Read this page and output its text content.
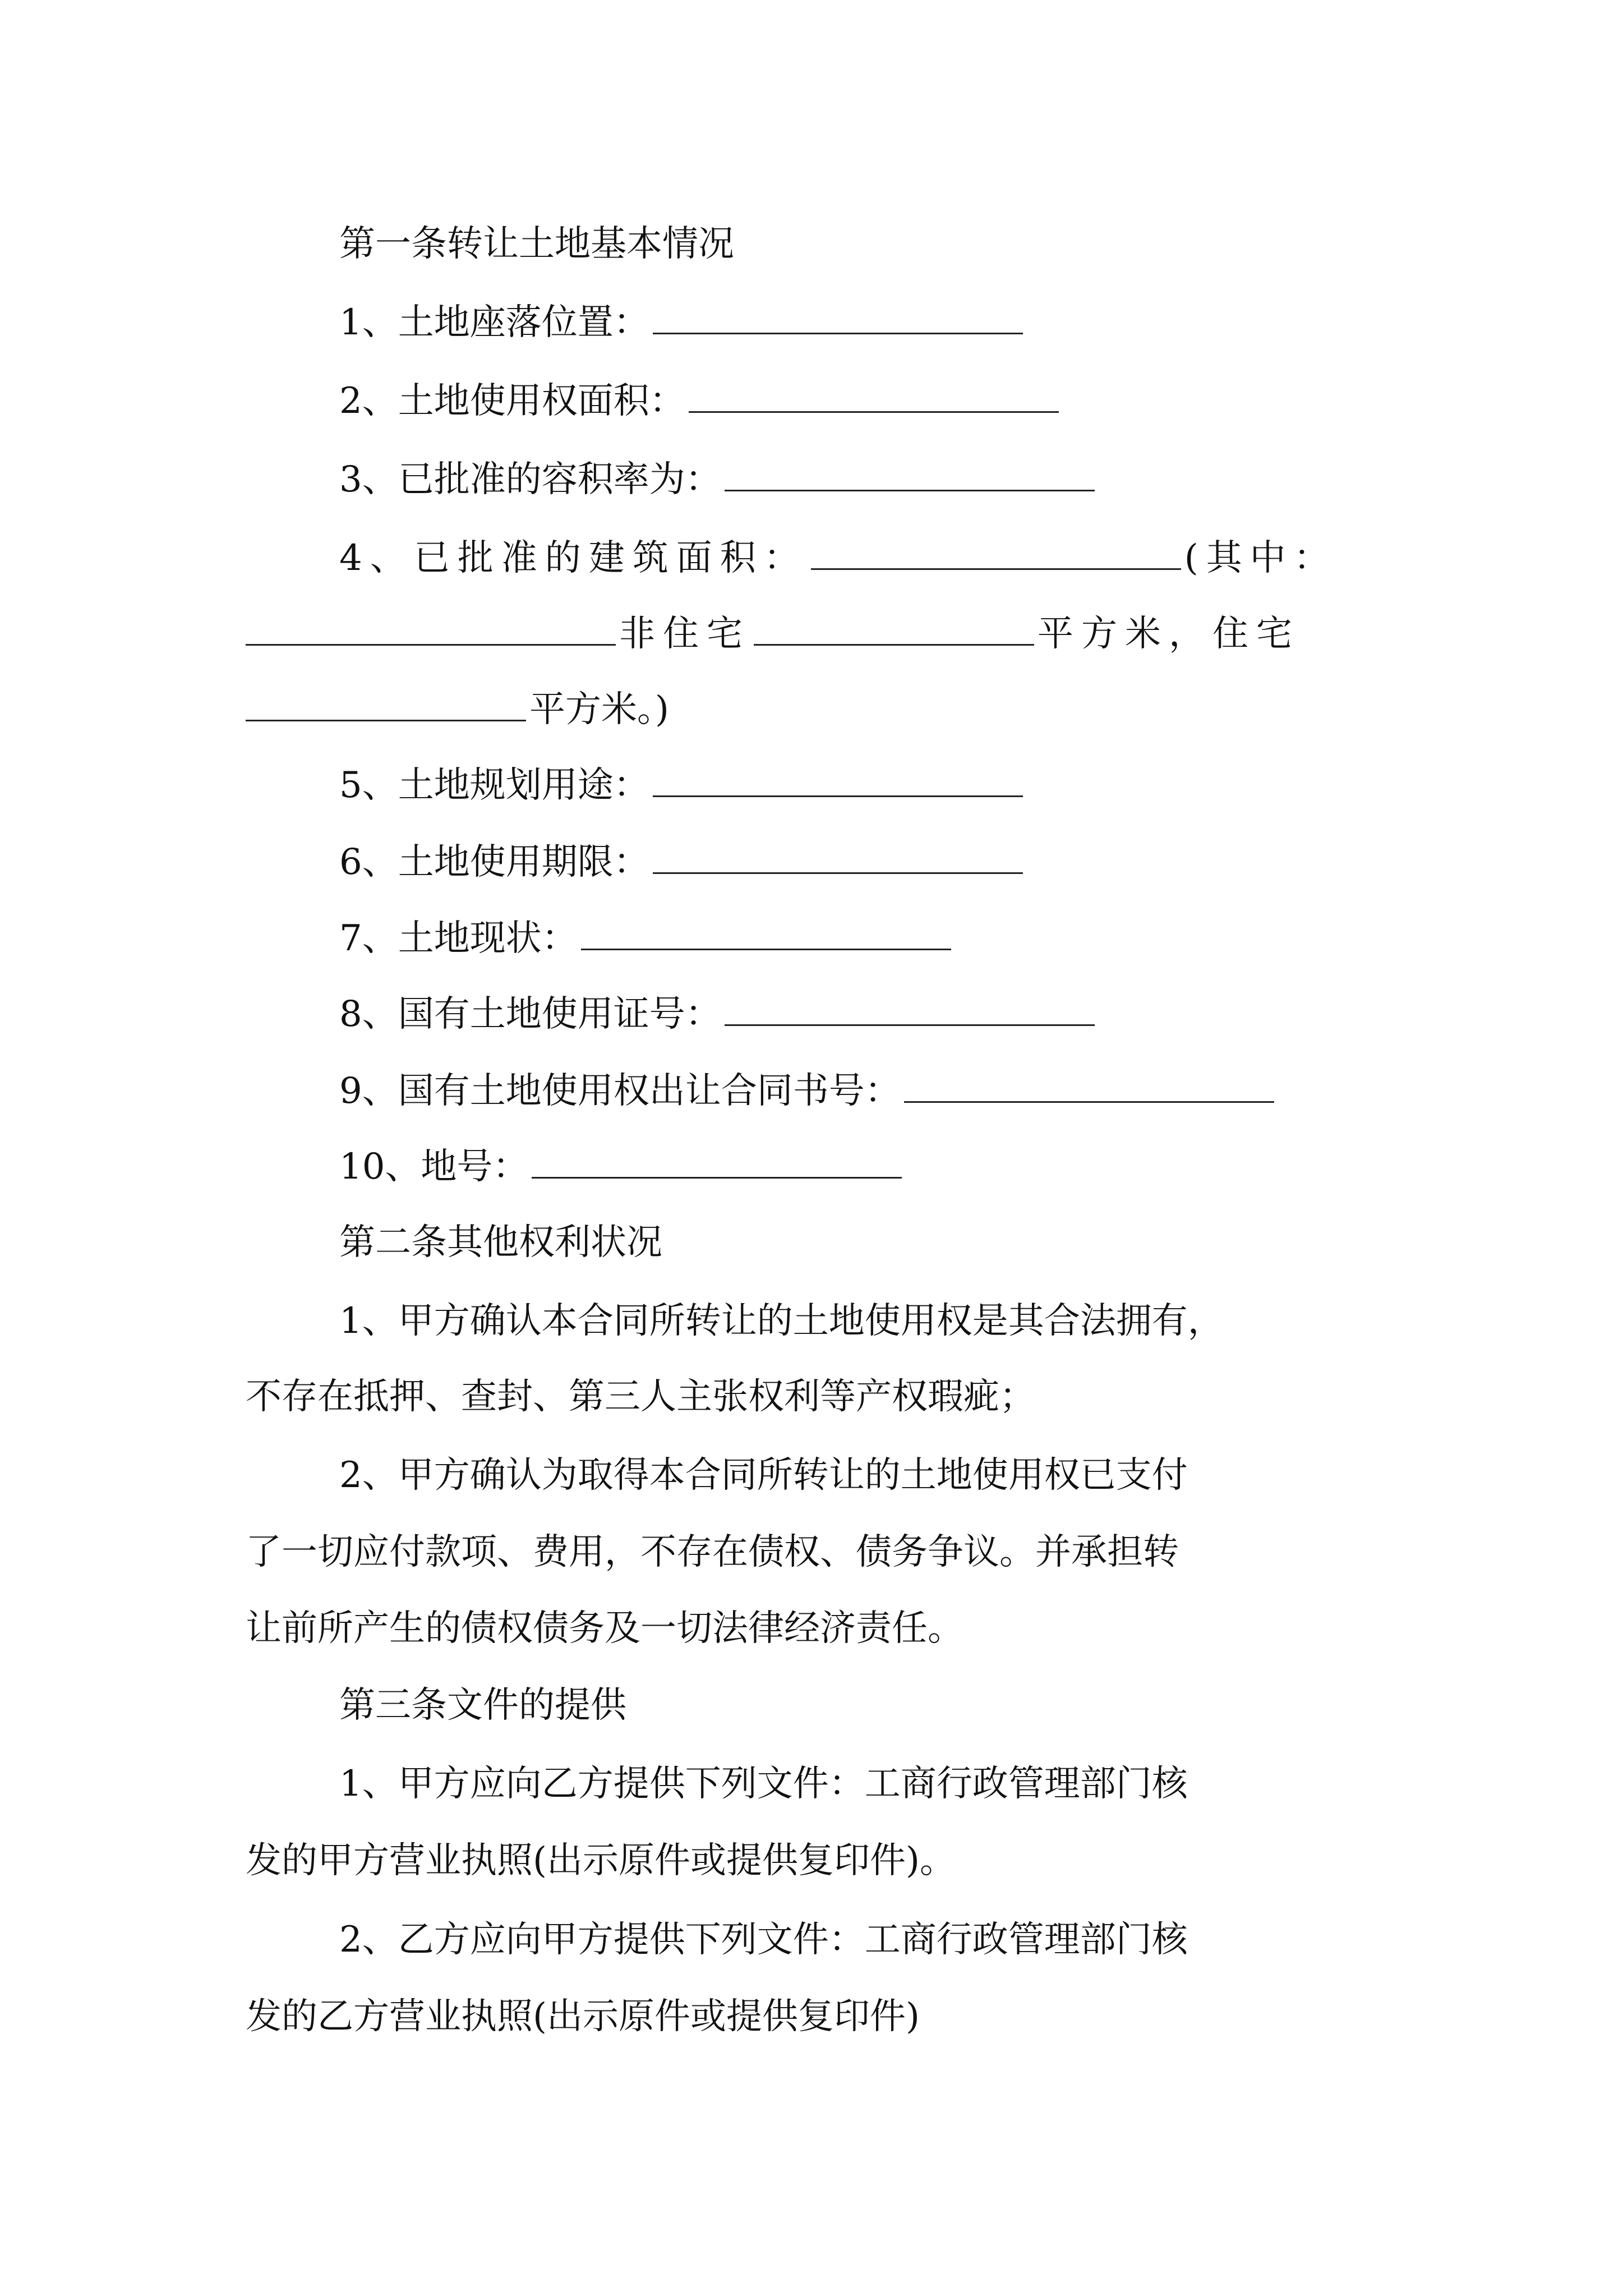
第一条转让土地基本情况
1、土地座落位置：
2、土地使用权面积：
3、已批准的容积率为：
4、已批准的建筑面积：	(其中：
非住宅	平方米，住宅
平方米。)
5、土地规划用途：
6、土地使用期限：
7、土地现状：
8、国有土地使用证号：
9、国有土地使用权出让合同书号：
10、地号：
第二条其他权利状况
1、甲方确认本合同所转让的土地使用权是其合法拥有，
不存在抵押、查封、第三人主张权利等产权瑕疵；
2、甲方确认为取得本合同所转让的土地使用权已支付
了一切应付款项、费用，不存在债权、债务争议。并承担转
让前所产生的债权债务及一切法律经济责任。
第三条文件的提供
1、甲方应向乙方提供下列文件：工商行政管理部门核
发的甲方营业执照(出示原件或提供复印件)。
2、乙方应向甲方提供下列文件：工商行政管理部门核
发的乙方营业执照(出示原件或提供复印件)
